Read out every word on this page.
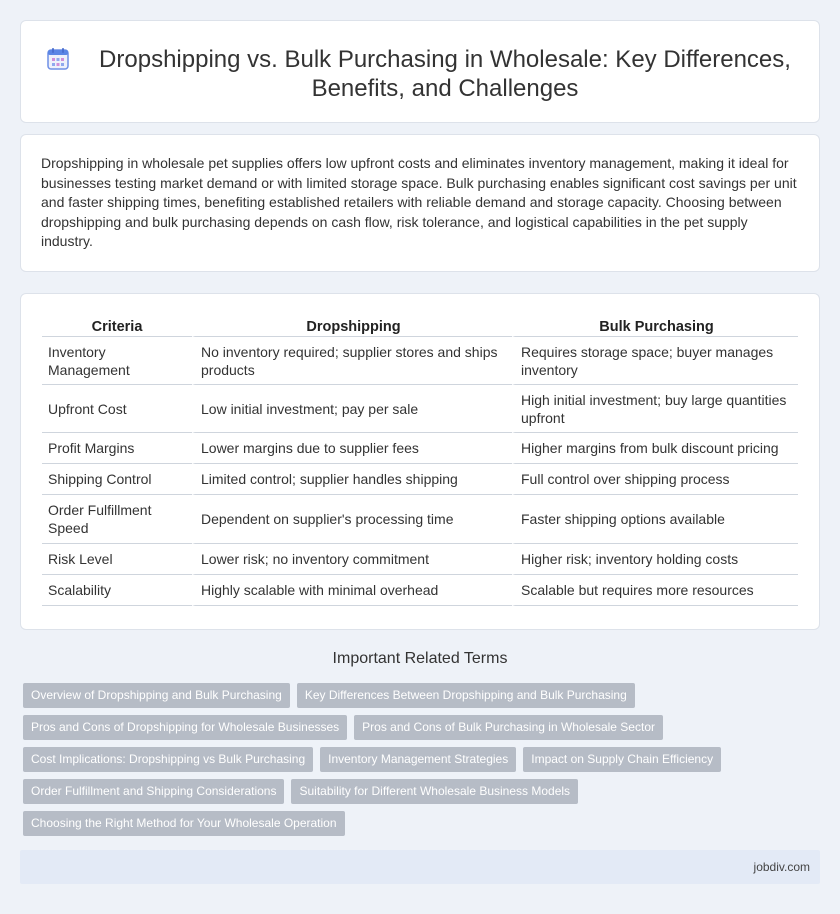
Dropshipping vs. Bulk Purchasing in Wholesale: Key Differences, Benefits, and Challenges

Dropshipping in wholesale pet supplies offers low upfront costs and eliminates inventory management, making it ideal for businesses testing market demand or with limited storage space. Bulk purchasing enables significant cost savings per unit and faster shipping times, benefiting established retailers with reliable demand and storage capacity. Choosing between dropshipping and bulk purchasing depends on cash flow, risk tolerance, and logistical capabilities in the pet supply industry.

Criteria	Dropshipping	Bulk Purchasing
Inventory Management	No inventory required; supplier stores and ships products	Requires storage space; buyer manages inventory
Upfront Cost	Low initial investment; pay per sale	High initial investment; buy large quantities upfront
Profit Margins	Lower margins due to supplier fees	Higher margins from bulk discount pricing
Shipping Control	Limited control; supplier handles shipping	Full control over shipping process
Order Fulfillment Speed	Dependent on supplier's processing time	Faster shipping options available
Risk Level	Lower risk; no inventory commitment	Higher risk; inventory holding costs
Scalability	Highly scalable with minimal overhead	Scalable but requires more resources
Important Related Terms
Overview of Dropshipping and Bulk Purchasing	Key Differences Between Dropshipping and Bulk Purchasing
Pros and Cons of Dropshipping for Wholesale Businesses	Pros and Cons of Bulk Purchasing in Wholesale Sector
Cost Implications: Dropshipping vs Bulk Purchasing	Inventory Management Strategies	Impact on Supply Chain Efficiency
Order Fulfillment and Shipping Considerations	Suitability for Different Wholesale Business Models
Choosing the Right Method for Your Wholesale Operation
jobdiv.com
